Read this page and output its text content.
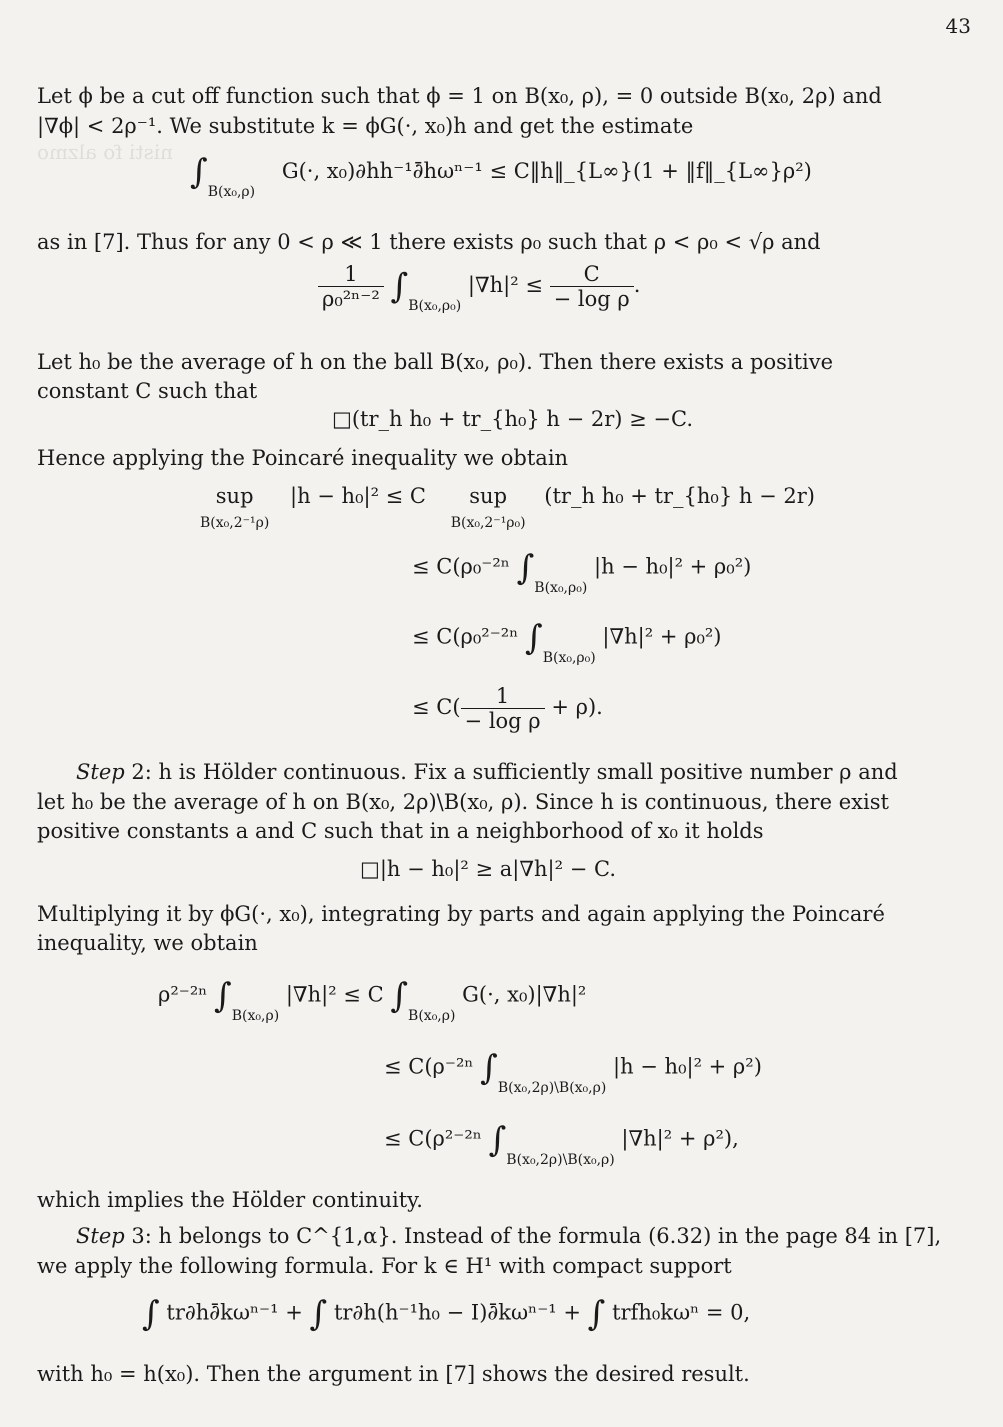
nisti fo alzmo
43
Let ϕ be a cut off function such that ϕ = 1 on B(x₀, ρ), = 0 outside B(x₀, 2ρ) and
|∇ϕ| < 2ρ⁻¹. We substitute k = ϕG(·, x₀)h and get the estimate
$\int_{B(x_0,\rho)}$ G(·, x₀)∂hh⁻¹∂̄hωⁿ⁻¹ ≤ C‖h‖_{L∞}(1 + ‖f‖_{L∞}ρ²)
as in [7]. Thus for any 0 < ρ ≪ 1 there exists ρ₀ such that ρ < ρ₀ < √ρ and
$\frac{1}{\text{ρ₀²ⁿ⁻²}} \int_{B(x_0,\rho_0)}$ $|\nabla h|^2 \le \frac{C}{\text{− log ρ}}$ .
Let h₀ be the average of h on the ball B(x₀, ρ₀). Then there exists a positive
constant C such that
□(tr_h h₀ + tr_{h₀} h − 2r) ≥ −C.
Hence applying the Poincaré inequality we obtain
sup
B(x₀,2⁻¹ρ) |h − h₀|² ≤ C sup
B(x₀,2⁻¹ρ₀) (tr_h h₀ + tr_{h₀} h − 2r)
≤ C(ρ₀⁻²ⁿ $\int_{B(x_0,\rho_0)}$ |h − h₀|² + ρ₀²)
≤ C(ρ₀²⁻²ⁿ $\int_{B(x_0,\rho_0)}$ |∇h|² + ρ₀²)
≤ $C( \frac{1}{\text{− log ρ}} + \rho)$.
Step 2: h is Hölder continuous. Fix a sufficiently small positive number ρ and
let h₀ be the average of h on B(x₀, 2ρ)\B(x₀, ρ). Since h is continuous, there exist
positive constants a and C such that in a neighborhood of x₀ it holds
□|h − h₀|² ≥ a|∇h|² − C.
Multiplying it by ϕG(·, x₀), integrating by parts and again applying the Poincaré
inequality, we obtain
ρ²⁻²ⁿ $\int_{B(x_0,\rho)}$ |∇h|² ≤ C $\int_{B(x_0,\rho)}$ G(·, x₀)|∇h|²
≤ C(ρ⁻²ⁿ $\int_{B(x_0,2\rho)\backslash B(x_0,\rho)}$ |h − h₀|² + ρ²)
≤ C(ρ²⁻²ⁿ $\int_{B(x_0,2\rho)\backslash B(x_0,\rho)}$ |∇h|² + ρ²),
which implies the Hölder continuity.
Step 3: h belongs to C^{1,α}. Instead of the formula (6.32) in the page 84 in [7],
we apply the following formula. For k ∈ H¹ with compact support
∫ tr∂h∂̄kωⁿ⁻¹ + ∫ tr∂h(h⁻¹h₀ − I)∂̄kωⁿ⁻¹ + ∫ trfh₀kωⁿ = 0,
with h₀ = h(x₀). Then the argument in [7] shows the desired result.
